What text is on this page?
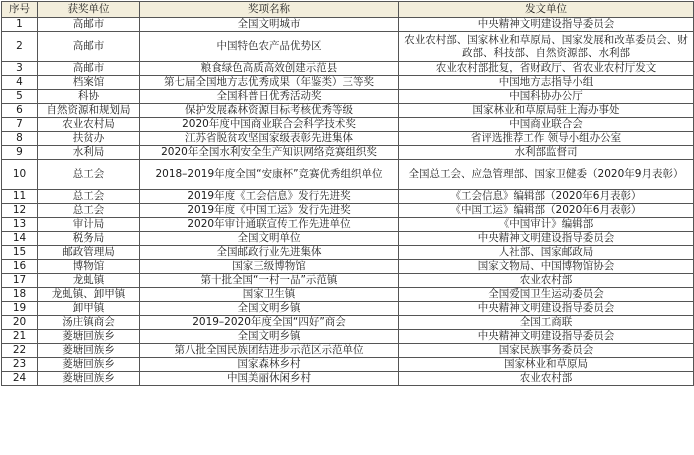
序号	获奖单位	奖项名称	发文单位
1	高邮市	全国文明城市	中央精神文明建设指导委员会
2	高邮市	中国特色农产品优势区	农业农村部、国家林业和草原局、国家发展和改革委员会、财政部、科技部、自然资源部、水利部
3	高邮市	粮食绿色高质高效创建示范县	农业农村部批复，省财政厅、省农业农村厅发文
4	档案馆	第七届全国地方志优秀成果（年鉴类）三等奖	中国地方志指导小组
5	科协	全国科普日优秀活动奖	中国科协办公厅
6	自然资源和规划局	保护发展森林资源目标考核优秀等级	国家林业和草原局驻上海办事处
7	农业农村局	2020年度中国商业联合会科学技术奖	中国商业联合会
8	扶贫办	江苏省脱贫攻坚国家级表彰先进集体	省评选推荐工作 领导小组办公室
9	水利局	2020年全国水利安全生产知识网络竞赛组织奖	水利部监督司
10	总工会	2018–2019年度全国“安康杯”竞赛优秀组织单位	全国总工会、应急管理部、国家卫健委（2020年9月表彰）
11	总工会	2019年度《工会信息》发行先进奖	《工会信息》编辑部（2020年6月表彰）
12	总工会	2019年度《中国工运》发行先进奖	《中国工运》编辑部（2020年6月表彰）
13	审计局	2020年审计通联宣传工作先进单位	《中国审计》编辑部
14	税务局	全国文明单位	中央精神文明建设指导委员会
15	邮政管理局	全国邮政行业先进集体	人社部、国家邮政局
16	博物馆	国家三级博物馆	国家文物局、中国博物馆协会
17	龙虬镇	第十批全国“一村一品”示范镇	农业农村部
18	龙虬镇、卸甲镇	国家卫生镇	全国爱国卫生运动委员会
19	卸甲镇	全国文明乡镇	中央精神文明建设指导委员会
20	汤庄镇商会	2019–2020年度全国“四好”商会	全国工商联
21	菱塘回族乡	全国文明乡镇	中央精神文明建设指导委员会
22	菱塘回族乡	第八批全国民族团结进步示范区示范单位	国家民族事务委员会
23	菱塘回族乡	国家森林乡村	国家林业和草原局
24	菱塘回族乡	中国美丽休闲乡村	农业农村部
